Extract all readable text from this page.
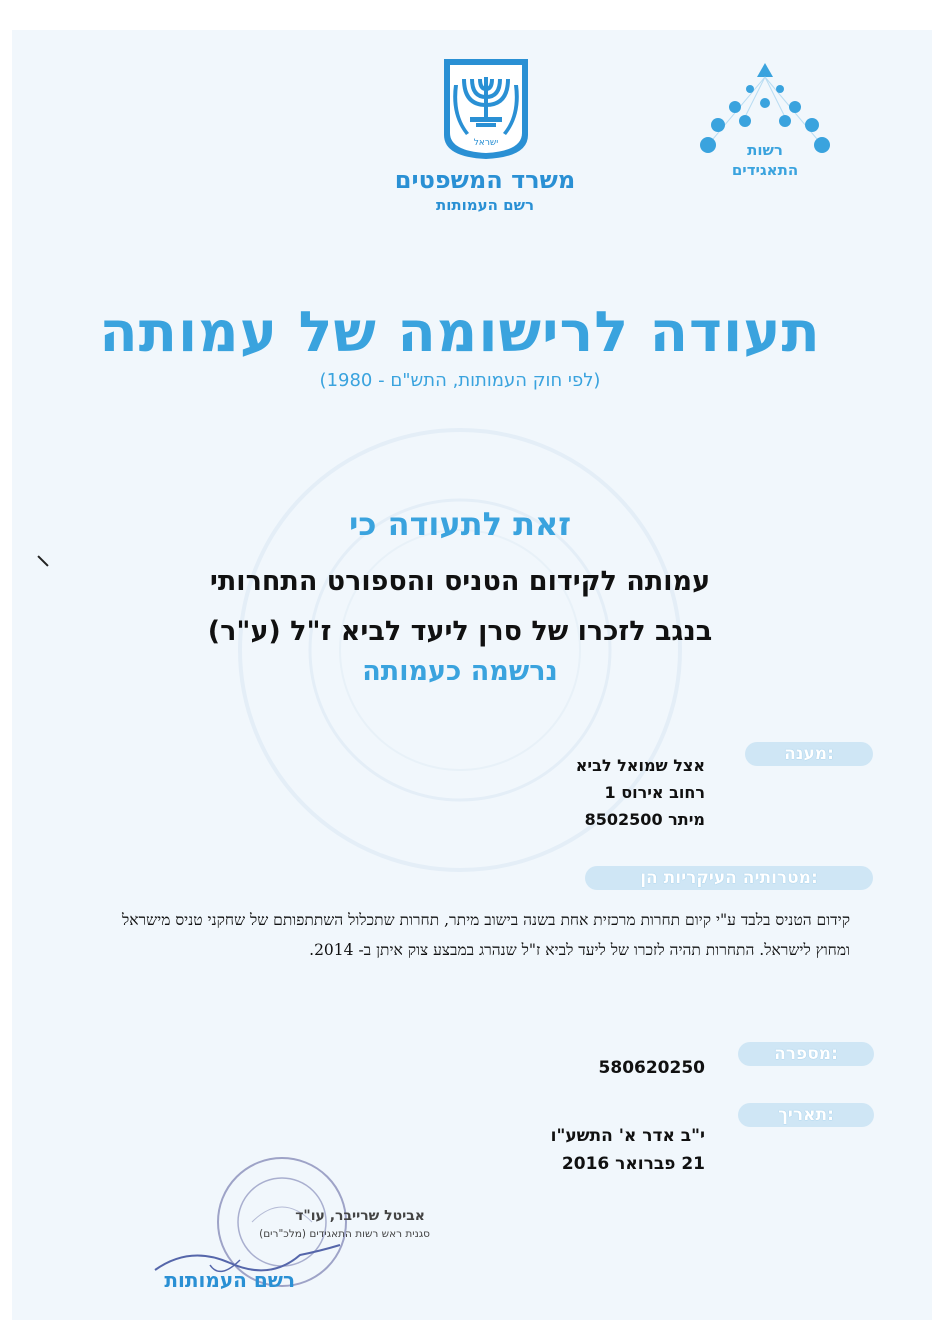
רשות
התאגידים
ישראל
משרד המשפטים
רשם העמותות
תעודה לרישומה של עמותה
(לפי חוק העמותות, התש"ם - 1980)
זאת לתעודה כי
עמותה לקידום הטניס והספורט התחרותי
בנגב לזכרו של סרן ליעד לביא ז"ל (ע"ר)
נרשמה כעמותה
מענה:
אצל שמואל לביא
רחוב אירוס 1
מיתר 8502500
מטרותיה העיקריות הן:
קידום הטניס בלבד ע"י קיום תחרות מרכזית אחת בשנה בישוב מיתר, תחרות שתכלול השתתפותם של שחקני טניס מישראל ומחוץ לישראל. התחרות תהיה לזכרו של ליעד לביא ז"ל שנהרג במבצע צוק איתן ב- 2014.
מספרה:
580620250
תאריך:
י"ב אדר א' התשע"ו
21 פברואר 2016
אביטל שרייבר, עו"ד
סגנית ראש רשות התאגידים (מלכ"רים)
רשם העמותות
